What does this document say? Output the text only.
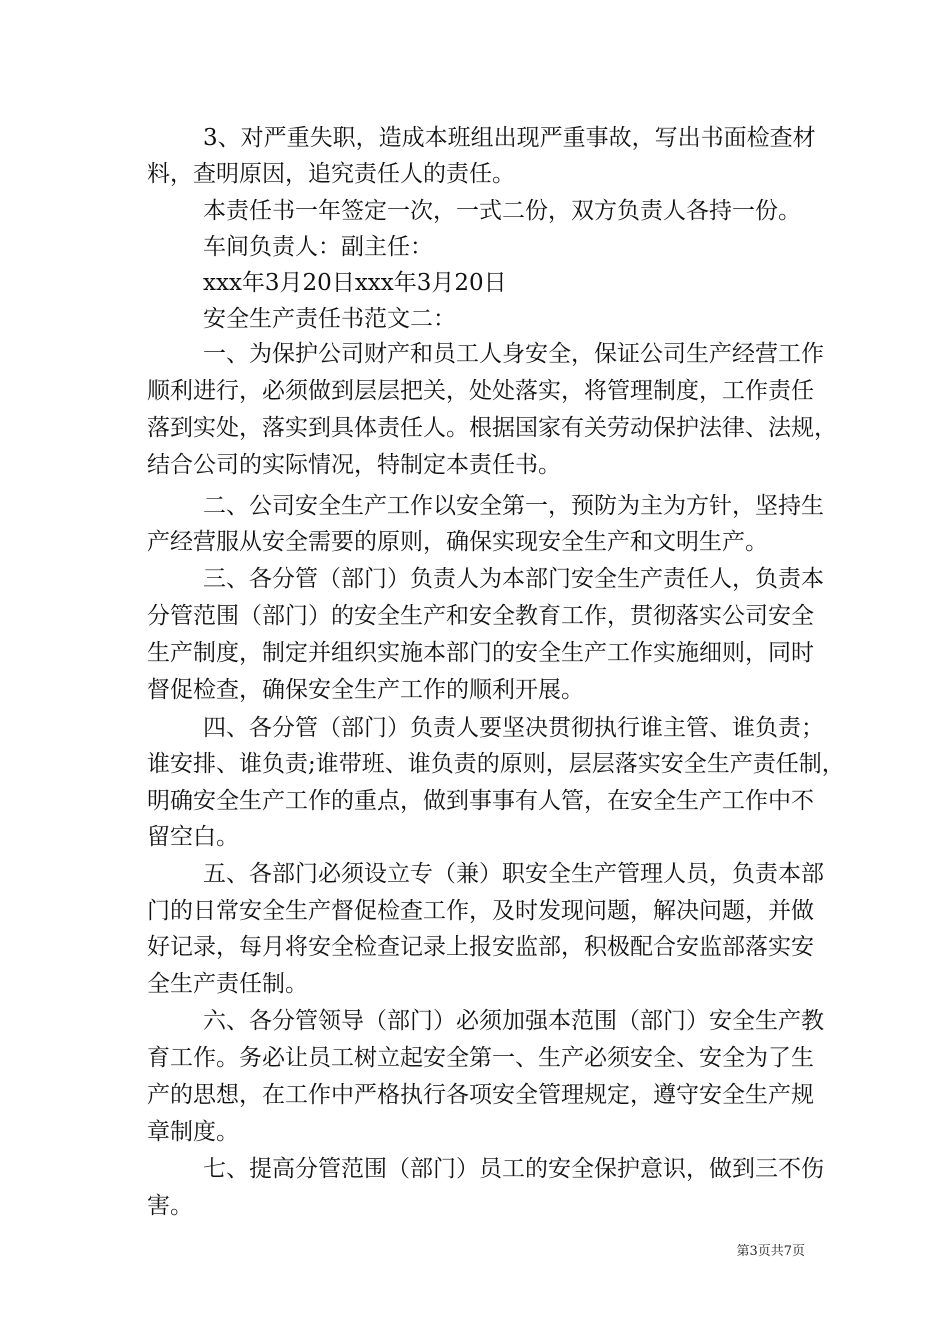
3、对严重失职，造成本班组出现严重事故，写出书面检查材
料，查明原因，追究责任人的责任。
本责任书一年签定一次，一式二份，双方负责人各持一份。
车间负责人：副主任：
xxx年3月20日xxx年3月20日
安全生产责任书范文二：
一、为保护公司财产和员工人身安全，保证公司生产经营工作
顺利进行，必须做到层层把关，处处落实，将管理制度，工作责任
落到实处，落实到具体责任人。根据国家有关劳动保护法律、法规，
结合公司的实际情况，特制定本责任书。
二、公司安全生产工作以安全第一，预防为主为方针，坚持生
产经营服从安全需要的原则，确保实现安全生产和文明生产。
三、各分管（部门）负责人为本部门安全生产责任人，负责本
分管范围（部门）的安全生产和安全教育工作，贯彻落实公司安全
生产制度，制定并组织实施本部门的安全生产工作实施细则，同时
督促检查，确保安全生产工作的顺利开展。
四、各分管（部门）负责人要坚决贯彻执行谁主管、谁负责；
谁安排、谁负责;谁带班、谁负责的原则，层层落实安全生产责任制，
明确安全生产工作的重点，做到事事有人管，在安全生产工作中不
留空白。
五、各部门必须设立专（兼）职安全生产管理人员，负责本部
门的日常安全生产督促检查工作，及时发现问题，解决问题，并做
好记录，每月将安全检查记录上报安监部，积极配合安监部落实安
全生产责任制。
六、各分管领导（部门）必须加强本范围（部门）安全生产教
育工作。务必让员工树立起安全第一、生产必须安全、安全为了生
产的思想，在工作中严格执行各项安全管理规定，遵守安全生产规
章制度。
七、提高分管范围（部门）员工的安全保护意识，做到三不伤
害。
第3页共7页
